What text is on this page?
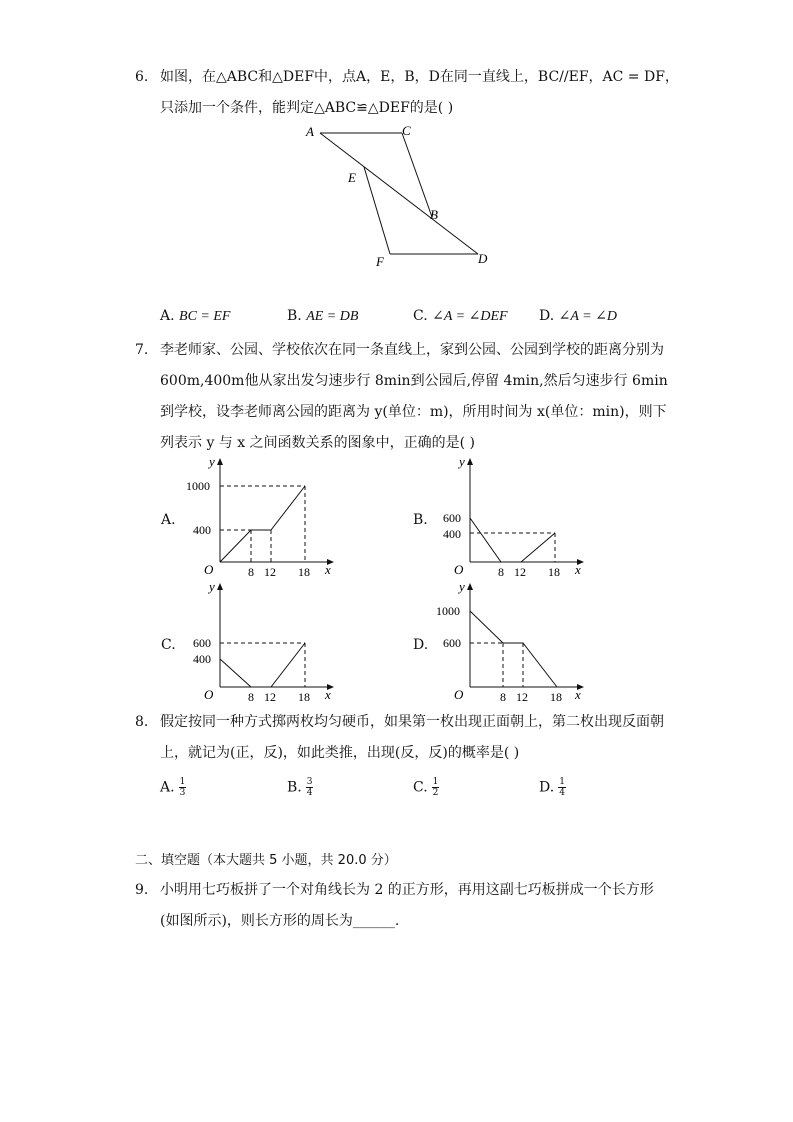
6. 如图，在△ABC和△DEF中，点A，E，B，D在同一直线上，BC//EF，AC = DF，
只添加一个条件，能判定△ABC≌△DEF的是( )
A	C
E
B
F	D
A. BC = EF	B. AE = DB	C. ∠A = ∠DEF D. ∠A = ∠D
7. 李老师家、公园、学校依次在同一条直线上，家到公园、公园到学校的距离分别为
600m,400m他从家出发匀速步行 8min到公园后,停留 4min,然后匀速步行 6min
到学校，设李老师离公园的距离为 y(单位：m)，所用时间为 x(单位：min)，则下
列表示 y 与 x 之间函数关系的图象中，正确的是( )
A.
y
x
O
1000
400
8 12 18
B.
y
x
O
600
400
8 12 18
C.
y
x
O
600
400
8 12 18
D.
y
x
O
1000
600
8 12 18
8. 假定按同一种方式掷两枚均匀硬币，如果第一枚出现正面朝上，第二枚出现反面朝
上，就记为(正，反)，如此类推，出现(反，反)的概率是( )
A. $\frac{1}{3}$	B. $\frac{3}{4}$	C. $\frac{1}{2}$	D. $\frac{1}{4}$
二、填空题（本大题共 5 小题，共 20.0 分）
9. 小明用七巧板拼了一个对角线长为 2 的正方形，再用这副七巧板拼成一个长方形
(如图所示)，则长方形的周长为______.
